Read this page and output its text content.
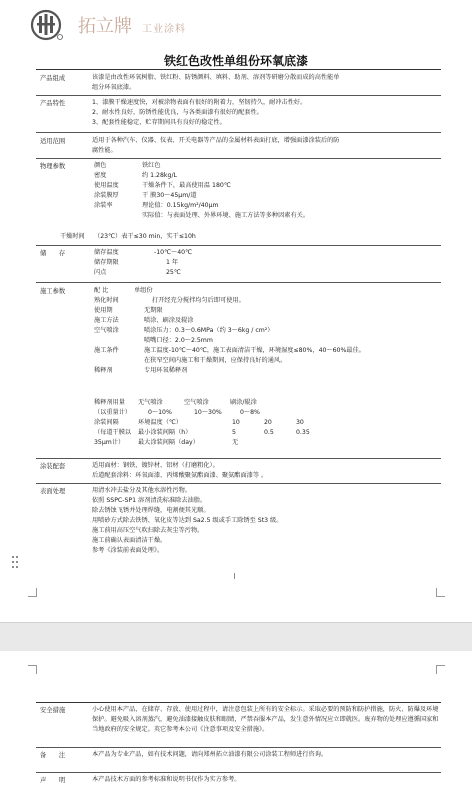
拓立牌 工业涂料
铁红色改性单组份环氧底漆
产品组成	该漆是由改性环氧树脂、铁红粉、防锈颜料、填料、助剂、溶剂等研磨分散而成的高性能单
组分环氧底漆。
产品特性	1、漆膜干燥速度快，对被涂物表面有很好的附着力，坚韧持久，耐冲击性好。
2、耐水性良好，防锈性能优良，与各类面漆有很好的配套性。
3、配套性能稳定，贮存期间具有良好的稳定性。
适用范围	适用于各种汽车、仪器、仪表、开关电器等产品的金属材料表面打底，增强面漆涂装后的防
腐性能。
物理参数	颜色	铁红色
密度	约 1.28kg/L
使用温度	干燥条件下，最高使用温 180℃
涂装膜厚	干 膜30～45μm/道
涂装率	理论值：0.15kg/m²/40μm
实际值：与表面处理、外界环境、施工方法等多种因素有关。
干燥时间　　（23℃）表干≤30 min，实干≤10h
储　　存	储存温度	-10℃～40℃
储存期限	1 年
闪点	25℃
施工参数	配 比	单组份
熟化时间	打开经充分搅拌均匀后即可使用。
使用期	无期限
施工方法	喷涂、刷涂及辊涂
空气喷涂	喷涂压力：0.3～0.6MPa（约 3～6kg / cm²）
喷嘴口径：2.0～2.5mm
施工条件	施工温度-10℃～40℃，施工表面清洁干燥，环境湿度≤80%，40～60%最佳。
在狭窄空间内施工和干燥期间，应保持良好的通风。
稀释剂	专用环氧稀释剂
稀释剂用量 无气喷涂	空气喷涂	刷涂/辊涂
（以重量计）	0～10%	10～30%	0～8%
涂装间隔	环境温度（℃）	10	20	30
（每道干膜以 最小涂装间隔（h）	5	0.5	0.35
35μm计） 最大涂装间隔（day）	无
涂装配套	适用面材：钢铁、镀锌材、铝材（打磨粗化）。
后道配套涂料：环氧面漆、丙烯酸聚氨酯面漆、聚氨酯面漆等 。
表面处理	用清水冲去盐分及其他水溶性污物。
依照 SSPC-SP1 溶剂清洗标准除去油脂。
除去锈蚀飞锈并处理焊缝，电割便其光顺。
用喷砂方式除去铁锈、氧化皮等达到 Sa2.5 级或手工除锈至 St3 级。
施工前用高压空气吹扫除去灰尘等污物。
施工前确认表面清洁干燥。
参考《涂装前表面处理》。
安全措施	小心使用本产品，在储存、存放、使用过程中，请注意包装上所有的安全标示。采取必要的预防和防护措施，防火、防爆及环境保护。避免吸入溶剂蒸汽，避免油漆接触皮肤和眼睛，严禁吞服本产品，发生意外情况应立即就医。废弃物的处理应遵循国家和当地政府的安全规定。英它参考本公司《注意事项及安全措施》。
备　　注	本产品为专业产品，如有技术问题，请向郑州拓立油漆有限公司涂装工程师进行咨询。
声　　明	本产品技术方面的参考标准和说明书仅作为实方参考。
